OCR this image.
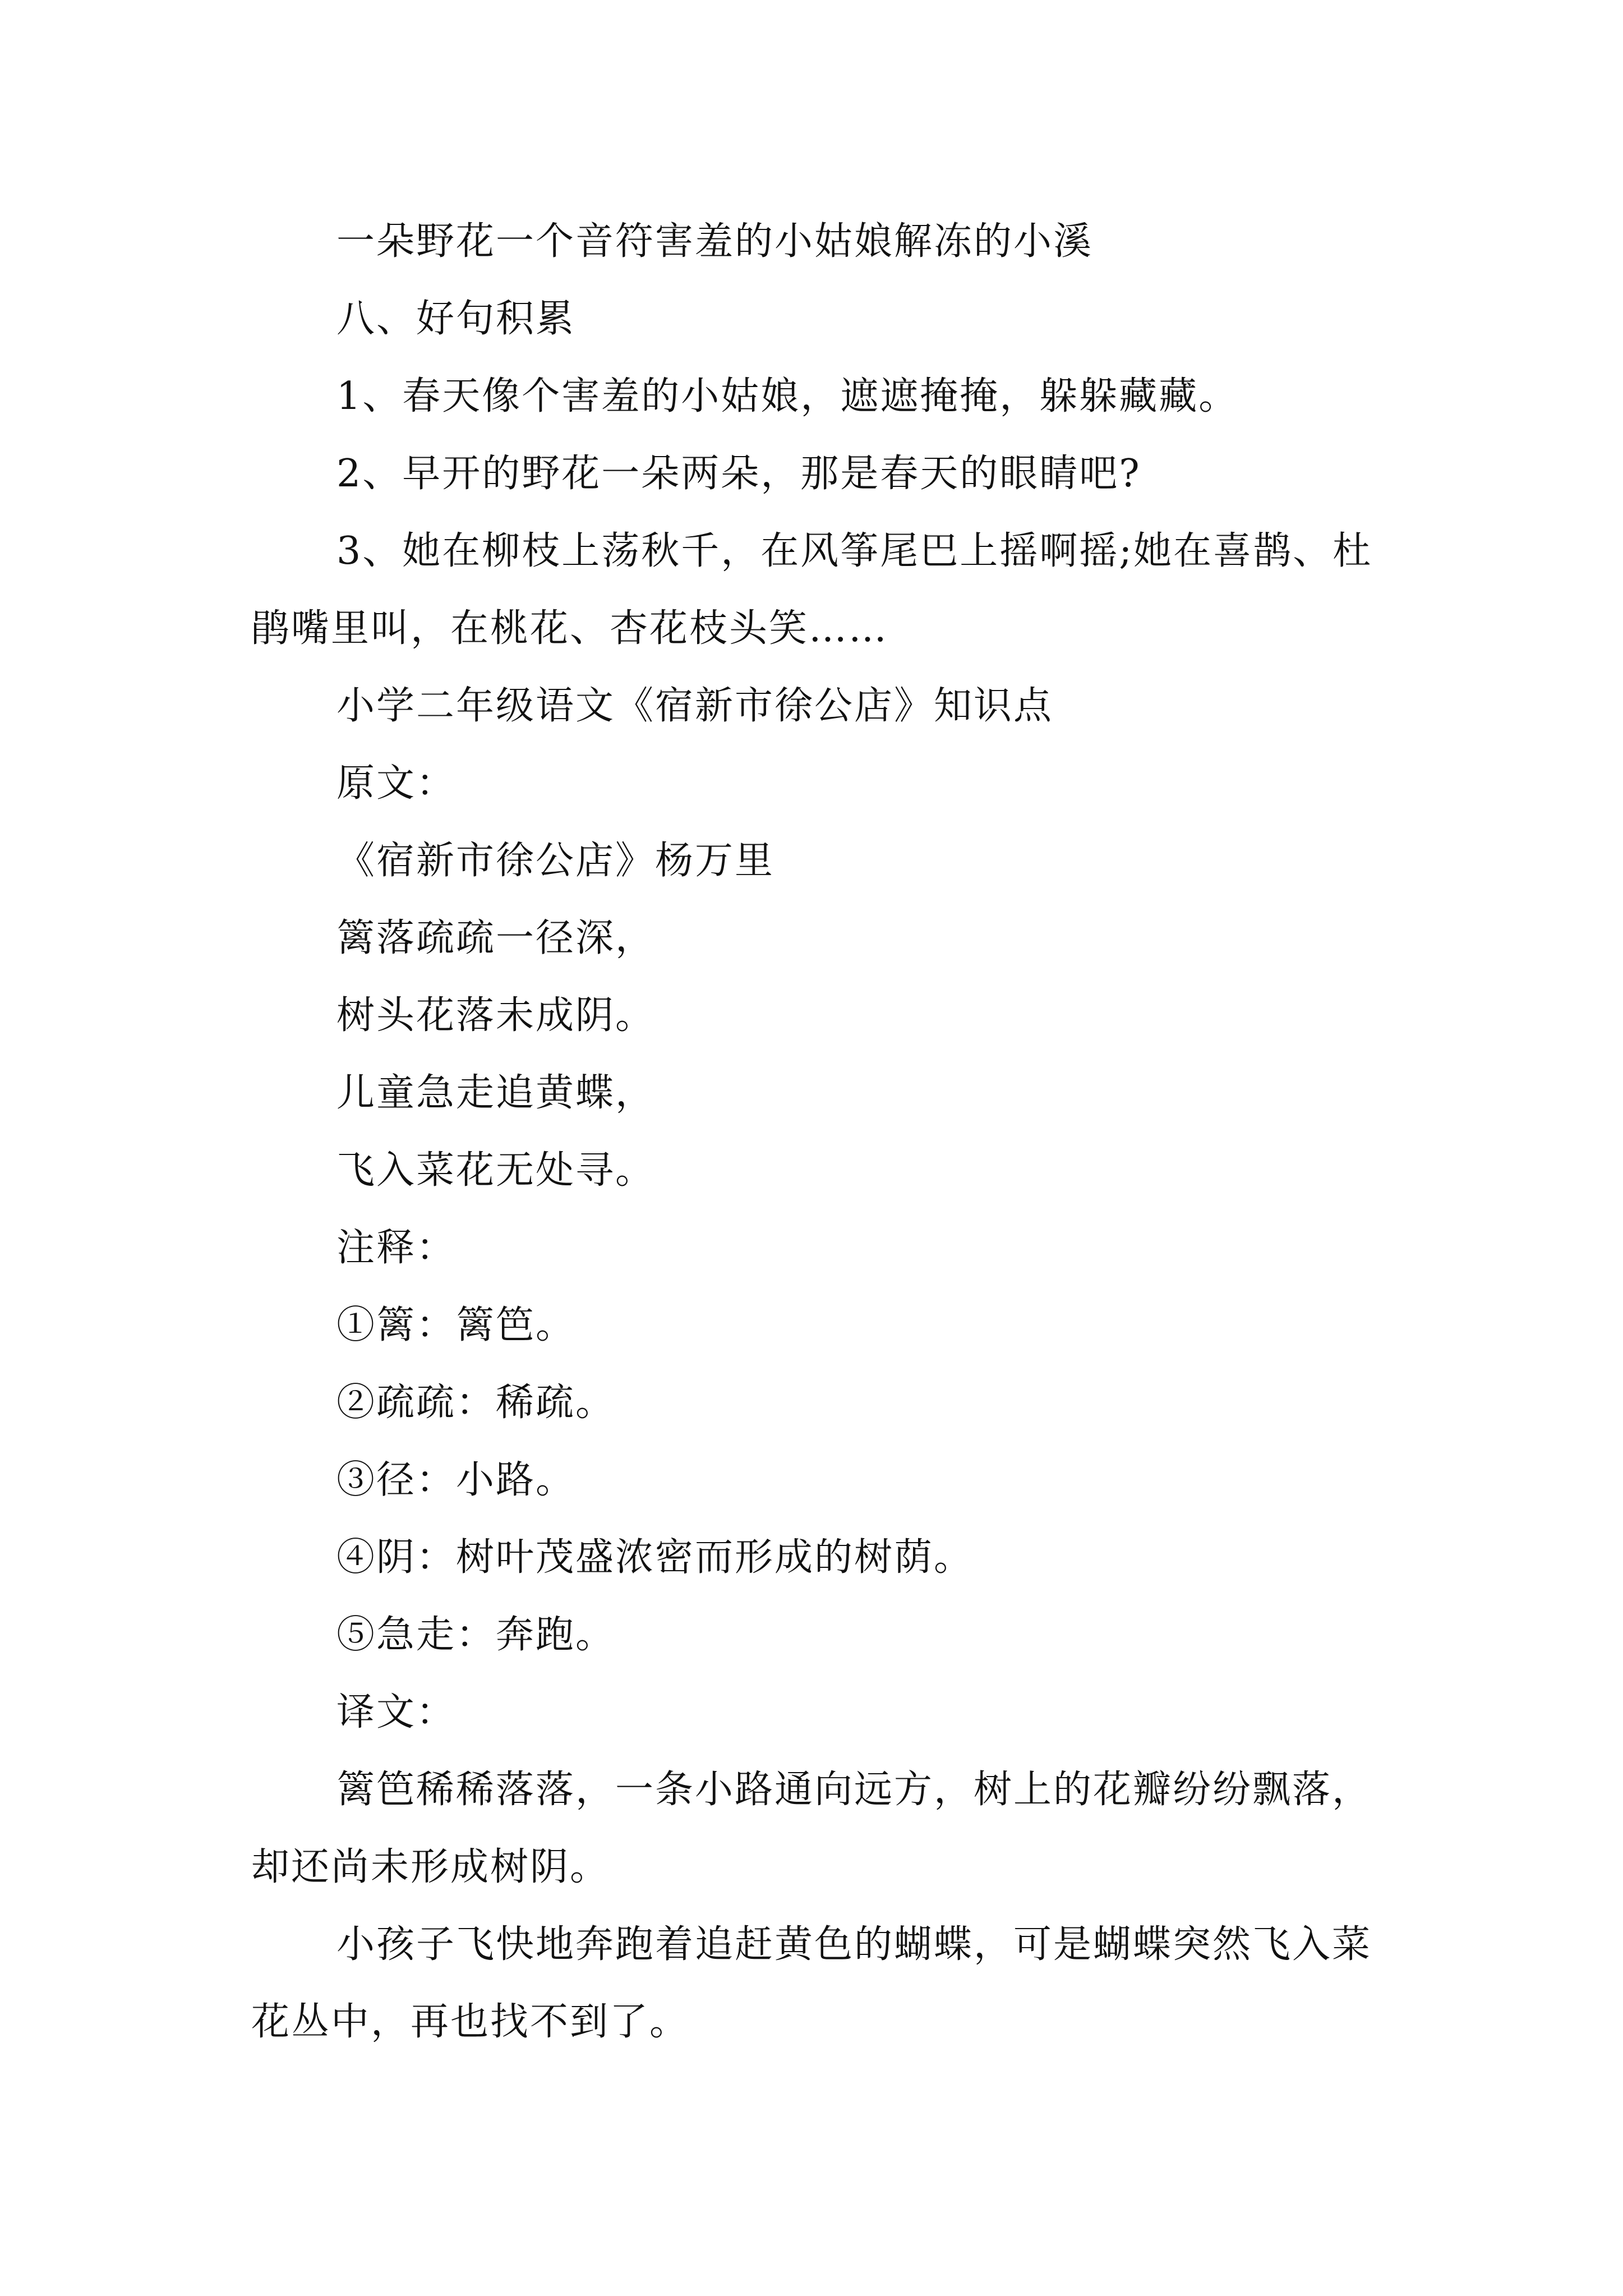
一朵野花一个音符害羞的小姑娘解冻的小溪

八、好句积累

1、春天像个害羞的小姑娘，遮遮掩掩，躲躲藏藏。

2、早开的野花一朵两朵，那是春天的眼睛吧?

3、她在柳枝上荡秋千，在风筝尾巴上摇啊摇;她在喜鹊、杜鹃嘴里叫，在桃花、杏花枝头笑……

小学二年级语文《宿新市徐公店》知识点

原文：

《宿新市徐公店》杨万里

篱落疏疏一径深，

树头花落未成阴。

儿童急走追黄蝶，

飞入菜花无处寻。

注释：

①篱：篱笆。

②疏疏：稀疏。

③径：小路。

④阴：树叶茂盛浓密而形成的树荫。

⑤急走：奔跑。

译文：

篱笆稀稀落落，一条小路通向远方，树上的花瓣纷纷飘落，却还尚未形成树阴。

小孩子飞快地奔跑着追赶黄色的蝴蝶，可是蝴蝶突然飞入菜花丛中，再也找不到了。
